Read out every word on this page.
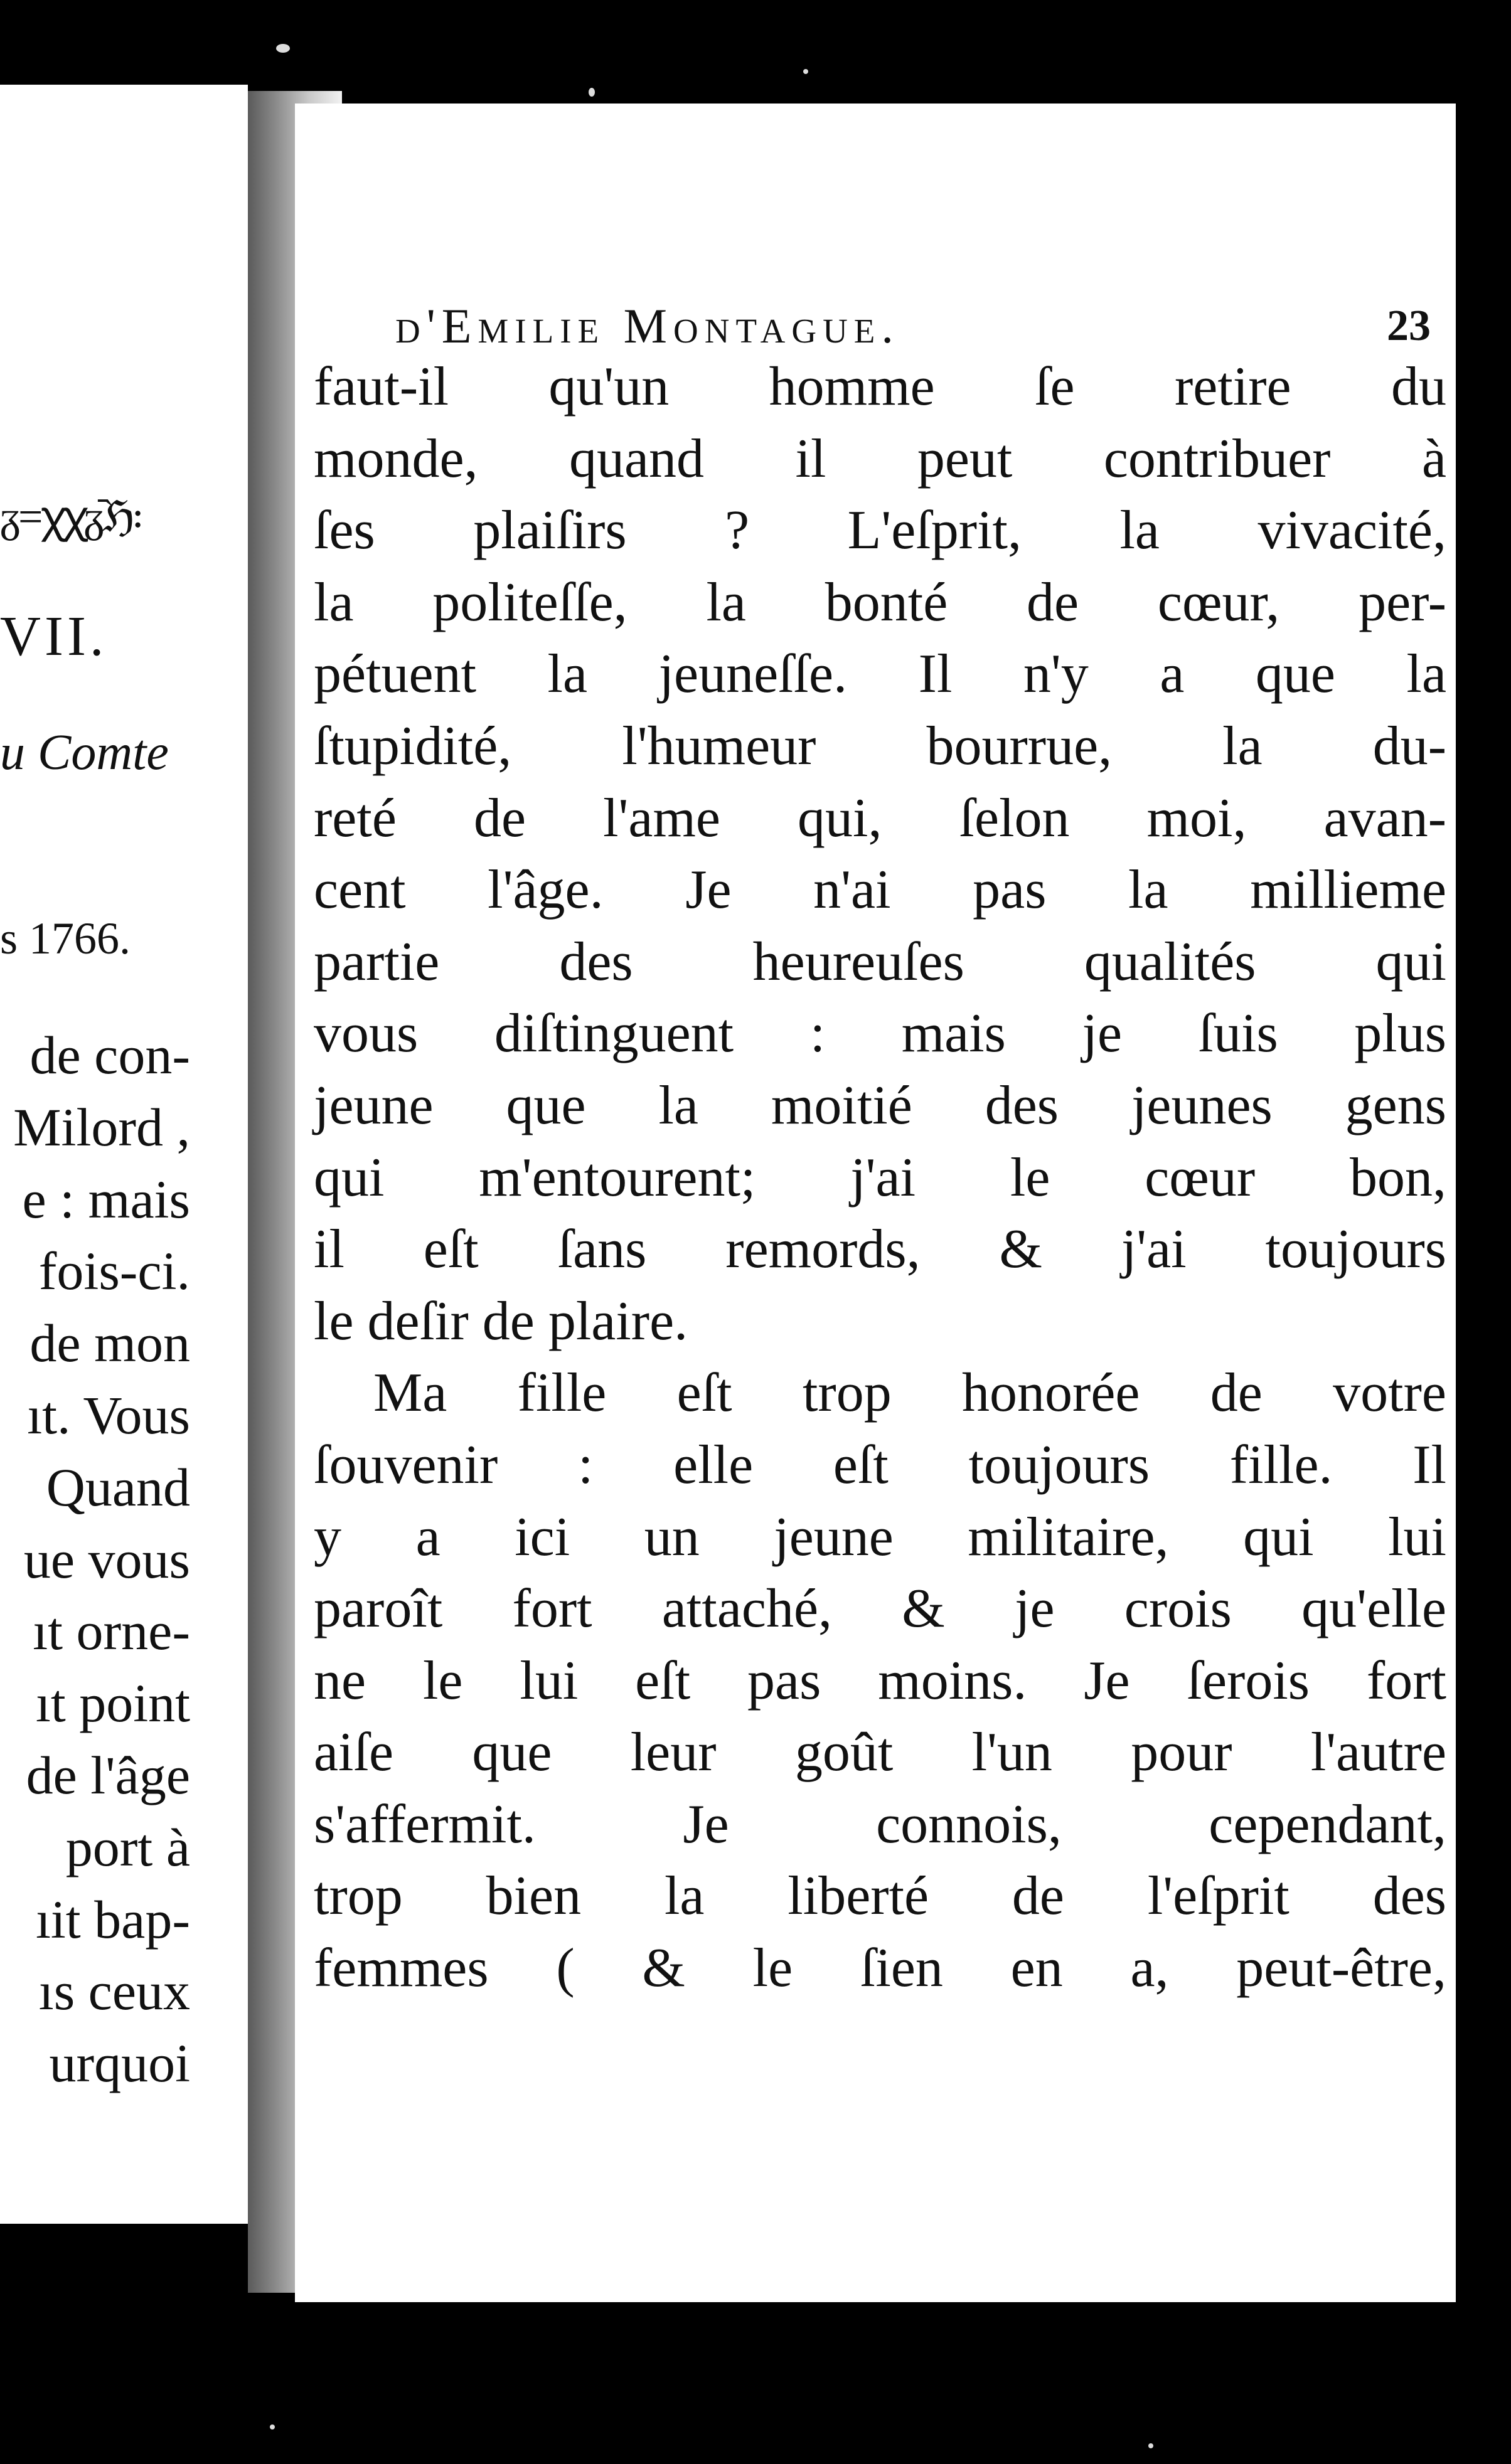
ᵹ=ꭓꭓᵹ᷆ℌ꞉
VII.
u Comte
s 1766.
de con-
Milord ,
e : mais
fois-ci.
de mon
ıt. Vous
Quand
ue vous
ıt orne-
ıt point
de l'âge
port à
ıit bap-
ıs ceux
urquoi
d'Emilie Montague.	23
faut-il qu'un homme ſe retire du
monde, quand il peut contribuer à
ſes plaiſirs ? L'eſprit, la vivacité,
la politeſſe, la bonté de cœur, per-
pétuent la jeuneſſe. Il n'y a que la
ſtupidité, l'humeur bourrue, la du-
reté de l'ame qui, ſelon moi, avan-
cent l'âge. Je n'ai pas la millieme
partie des heureuſes qualités qui
vous diſtinguent : mais je ſuis plus
jeune que la moitié des jeunes gens
qui m'entourent; j'ai le cœur bon,
il eſt ſans remords, & j'ai toujours
le deſir de plaire.
Ma fille eſt trop honorée de votre
ſouvenir : elle eſt toujours fille. Il
y a ici un jeune militaire, qui lui
paroît fort attaché, & je crois qu'elle
ne le lui eſt pas moins. Je ſerois fort
aiſe que leur goût l'un pour l'autre
s'affermit. Je connois, cependant,
trop bien la liberté de l'eſprit des
femmes ( & le ſien en a, peut-être,
